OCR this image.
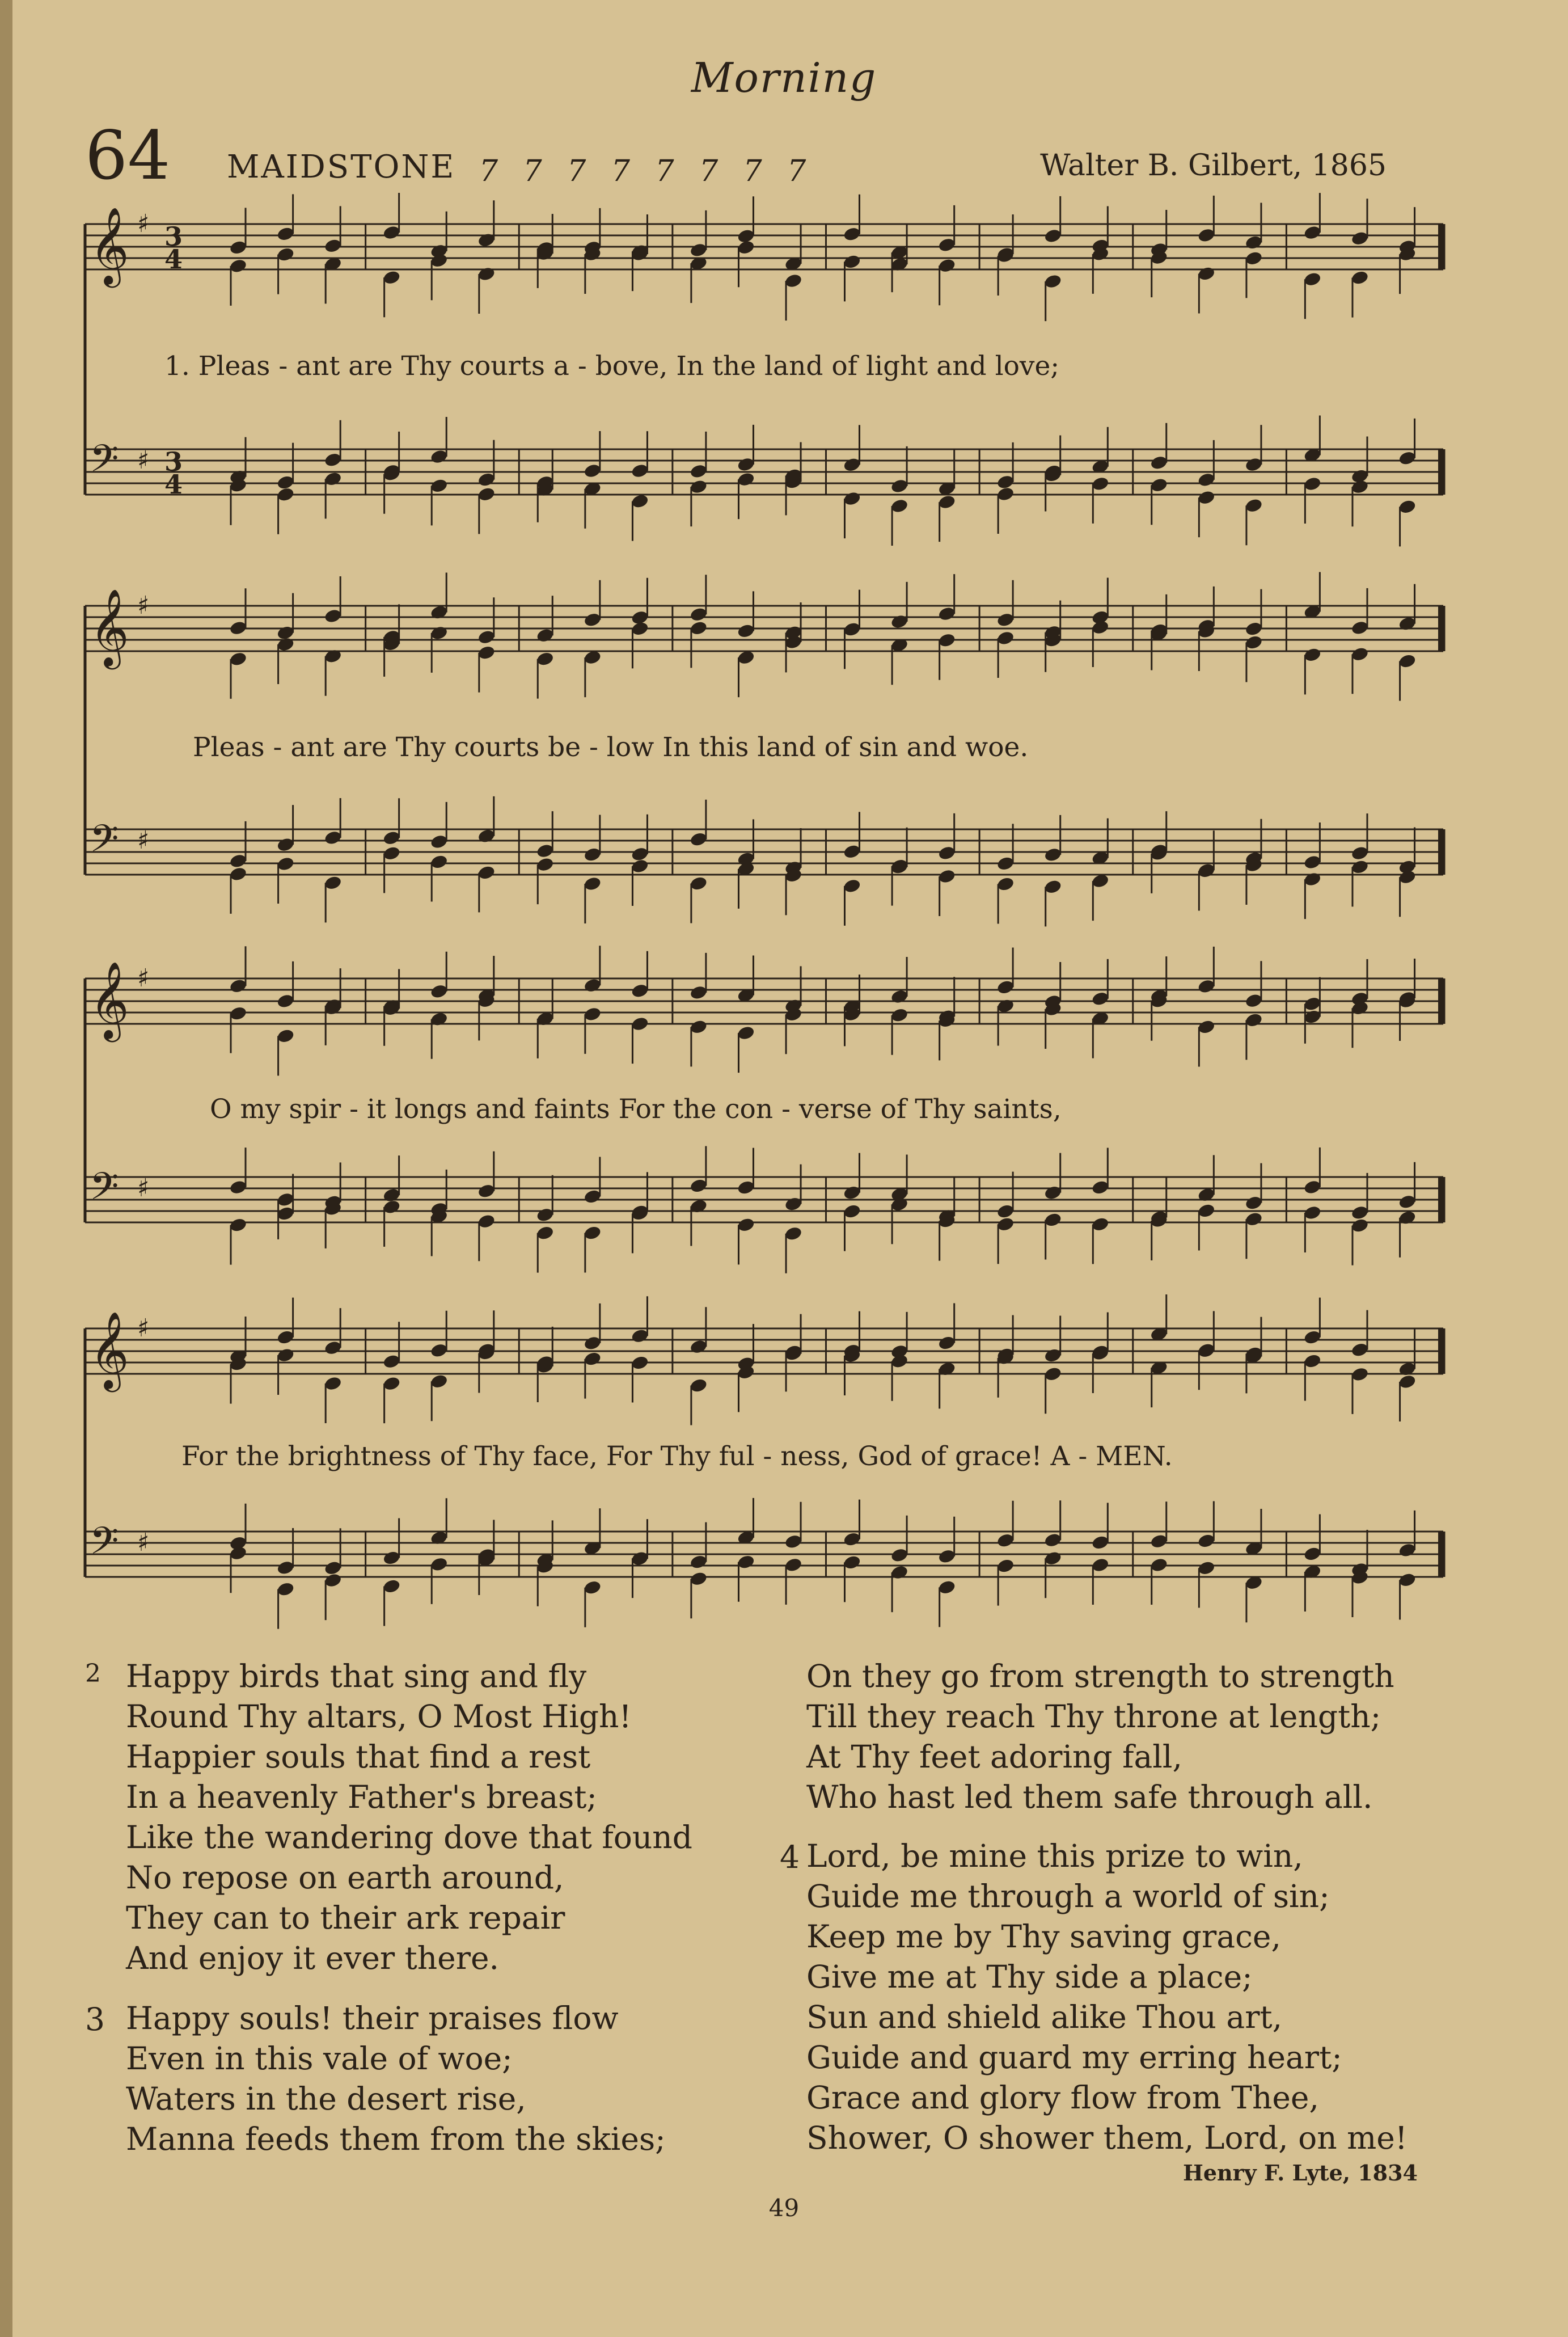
Morning
64 MAIDSTONE 7 7 7 7 7 7 7 7	Walter B. Gilbert, 1865
𝄞 ♯ 3
4
𝄢 ♯ 3
4
𝄞 ♯
𝄢 ♯
𝄞 ♯
𝄢 ♯
𝄞 ♯
𝄢 ♯
1. Pleas - ant are Thy courts a - bove, In the land of light and love;
Pleas - ant are Thy courts be - low In this land of sin and woe.
O my spir - it longs and faints For the con - verse of Thy saints,
For the brightness of Thy face, For Thy ful - ness, God of grace! A - MEN.
2 Happy birds that sing and fly
Round Thy altars, O Most High!
Happier souls that find a rest
In a heavenly Father's breast;
Like the wandering dove that found
No repose on earth around,
They can to their ark repair
And enjoy it ever there.
3 Happy souls! their praises flow
Even in this vale of woe;
Waters in the desert rise,
Manna feeds them from the skies;
On they go from strength to strength
Till they reach Thy throne at length;
At Thy feet adoring fall,
Who hast led them safe through all.
4 Lord, be mine this prize to win,
Guide me through a world of sin;
Keep me by Thy saving grace,
Give me at Thy side a place;
Sun and shield alike Thou art,
Guide and guard my erring heart;
Grace and glory flow from Thee,
Shower, O shower them, Lord, on me!
Henry F. Lyte, 1834
49
